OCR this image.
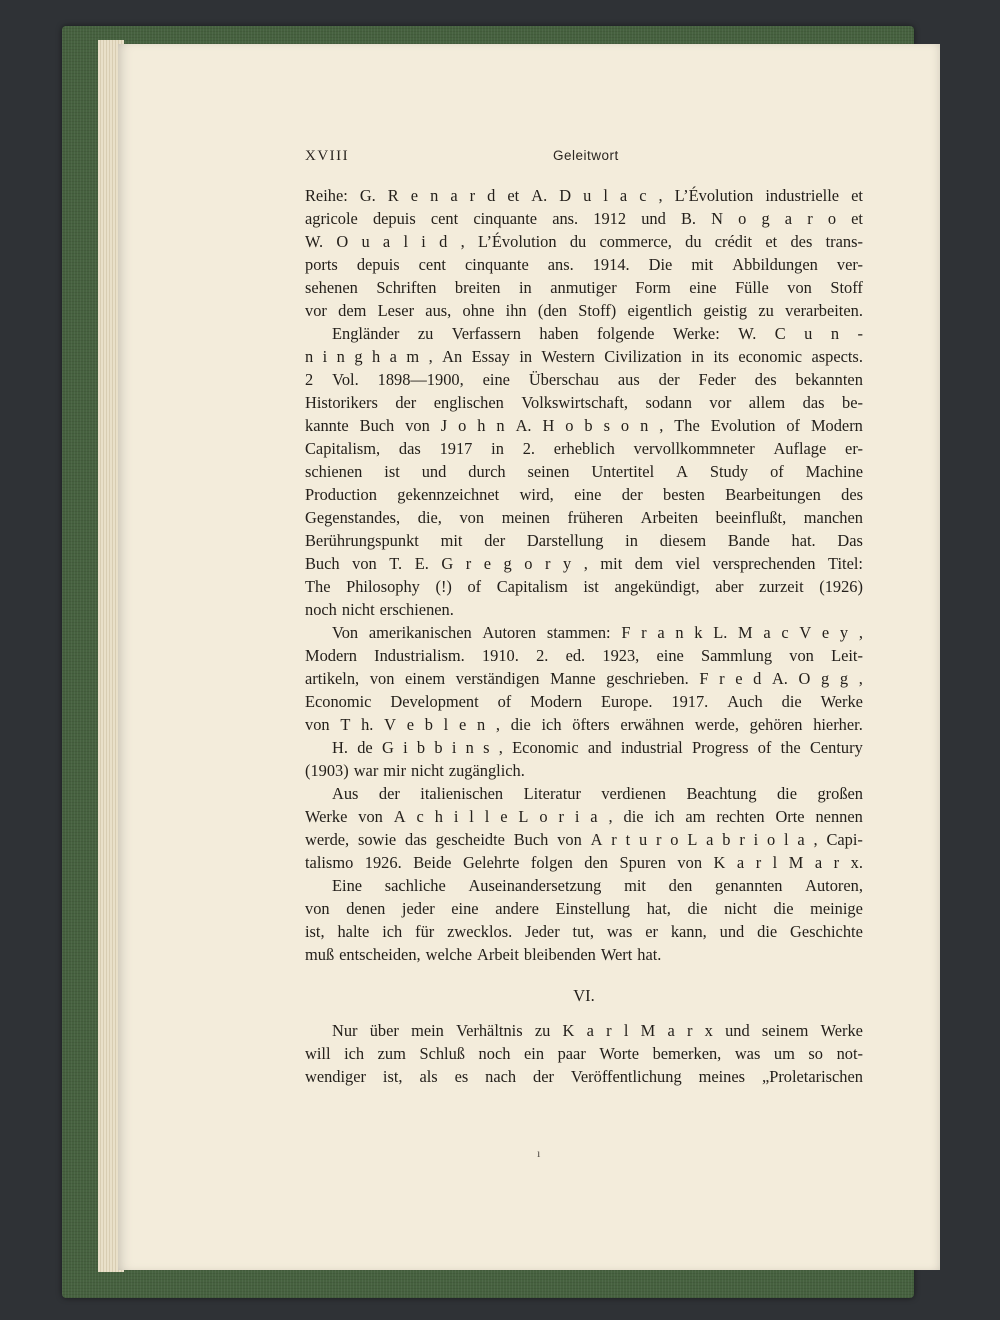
XVIII	Geleitwort
Reihe: G. R e n a r d et A. D u l a c , L’Évolution industrielle et
agricole depuis cent cinquante ans. 1912 und B. N o g a r o et
W. O u a l i d , L’Évolution du commerce, du crédit et des trans-
ports depuis cent cinquante ans. 1914. Die mit Abbildungen ver-
sehenen Schriften breiten in anmutiger Form eine Fülle von Stoff
vor dem Leser aus, ohne ihn (den Stoff) eigentlich geistig zu verarbeiten.
Engländer zu Verfassern haben folgende Werke: W. C u n -
n i n g h a m , An Essay in Western Civilization in its economic aspects.
2 Vol. 1898—1900, eine Überschau aus der Feder des bekannten
Historikers der englischen Volkswirtschaft, sodann vor allem das be-
kannte Buch von J o h n A. H o b s o n , The Evolution of Modern
Capitalism, das 1917 in 2. erheblich vervollkommneter Auflage er-
schienen ist und durch seinen Untertitel A Study of Machine
Production gekennzeichnet wird, eine der besten Bearbeitungen des
Gegenstandes, die, von meinen früheren Arbeiten beeinflußt, manchen
Berührungspunkt mit der Darstellung in diesem Bande hat. Das
Buch von T. E. G r e g o r y , mit dem viel versprechenden Titel:
The Philosophy (!) of Capitalism ist angekündigt, aber zurzeit (1926)
noch nicht erschienen.
Von amerikanischen Autoren stammen: F r a n k L. M a c V e y ,
Modern Industrialism. 1910. 2. ed. 1923, eine Sammlung von Leit-
artikeln, von einem verständigen Manne geschrieben. F r e d A. O g g ,
Economic Development of Modern Europe. 1917. Auch die Werke
von T h. V e b l e n , die ich öfters erwähnen werde, gehören hierher.
H. de G i b b i n s , Economic and industrial Progress of the Century
(1903) war mir nicht zugänglich.
Aus der italienischen Literatur verdienen Beachtung die großen
Werke von A c h i l l e L o r i a , die ich am rechten Orte nennen
werde, sowie das gescheidte Buch von A r t u r o L a b r i o l a , Capi-
talismo 1926. Beide Gelehrte folgen den Spuren von K a r l M a r x.
Eine sachliche Auseinandersetzung mit den genannten Autoren,
von denen jeder eine andere Einstellung hat, die nicht die meinige
ist, halte ich für zwecklos. Jeder tut, was er kann, und die Geschichte
muß entscheiden, welche Arbeit bleibenden Wert hat.
VI.
Nur über mein Verhältnis zu K a r l M a r x und seinem Werke
will ich zum Schluß noch ein paar Worte bemerken, was um so not-
wendiger ist, als es nach der Veröffentlichung meines „Proletarischen
ı
